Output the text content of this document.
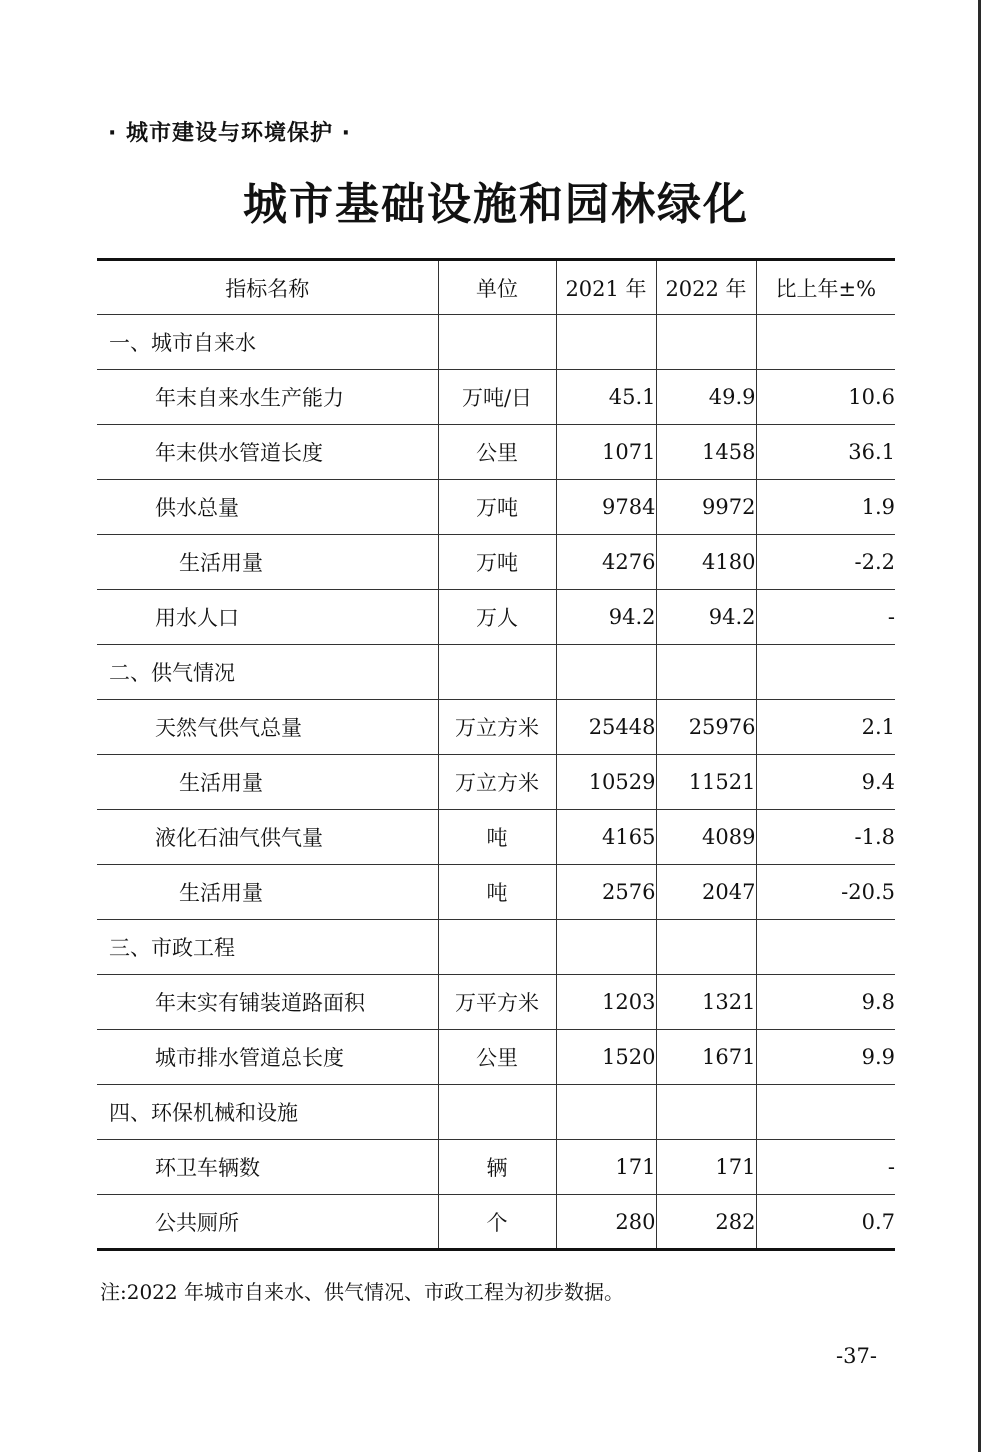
· 城市建设与环境保护 ·
城市基础设施和园林绿化
指标名称	单位	2021 年	2022 年	比上年±%
一、城市自来水				
年末自来水生产能力	万吨/日	45.1	49.9	10.6
年末供水管道长度	公里	1071	1458	36.1
供水总量	万吨	9784	9972	1.9
生活用量	万吨	4276	4180	-2.2
用水人口	万人	94.2	94.2	-
二、供气情况				
天然气供气总量	万立方米	25448	25976	2.1
生活用量	万立方米	10529	11521	9.4
液化石油气供气量	吨	4165	4089	-1.8
生活用量	吨	2576	2047	-20.5
三、市政工程				
年末实有铺装道路面积	万平方米	1203	1321	9.8
城市排水管道总长度	公里	1520	1671	9.9
四、环保机械和设施				
环卫车辆数	辆	171	171	-
公共厕所	个	280	282	0.7
注:2022 年城市自来水、供气情况、市政工程为初步数据。
-37-
